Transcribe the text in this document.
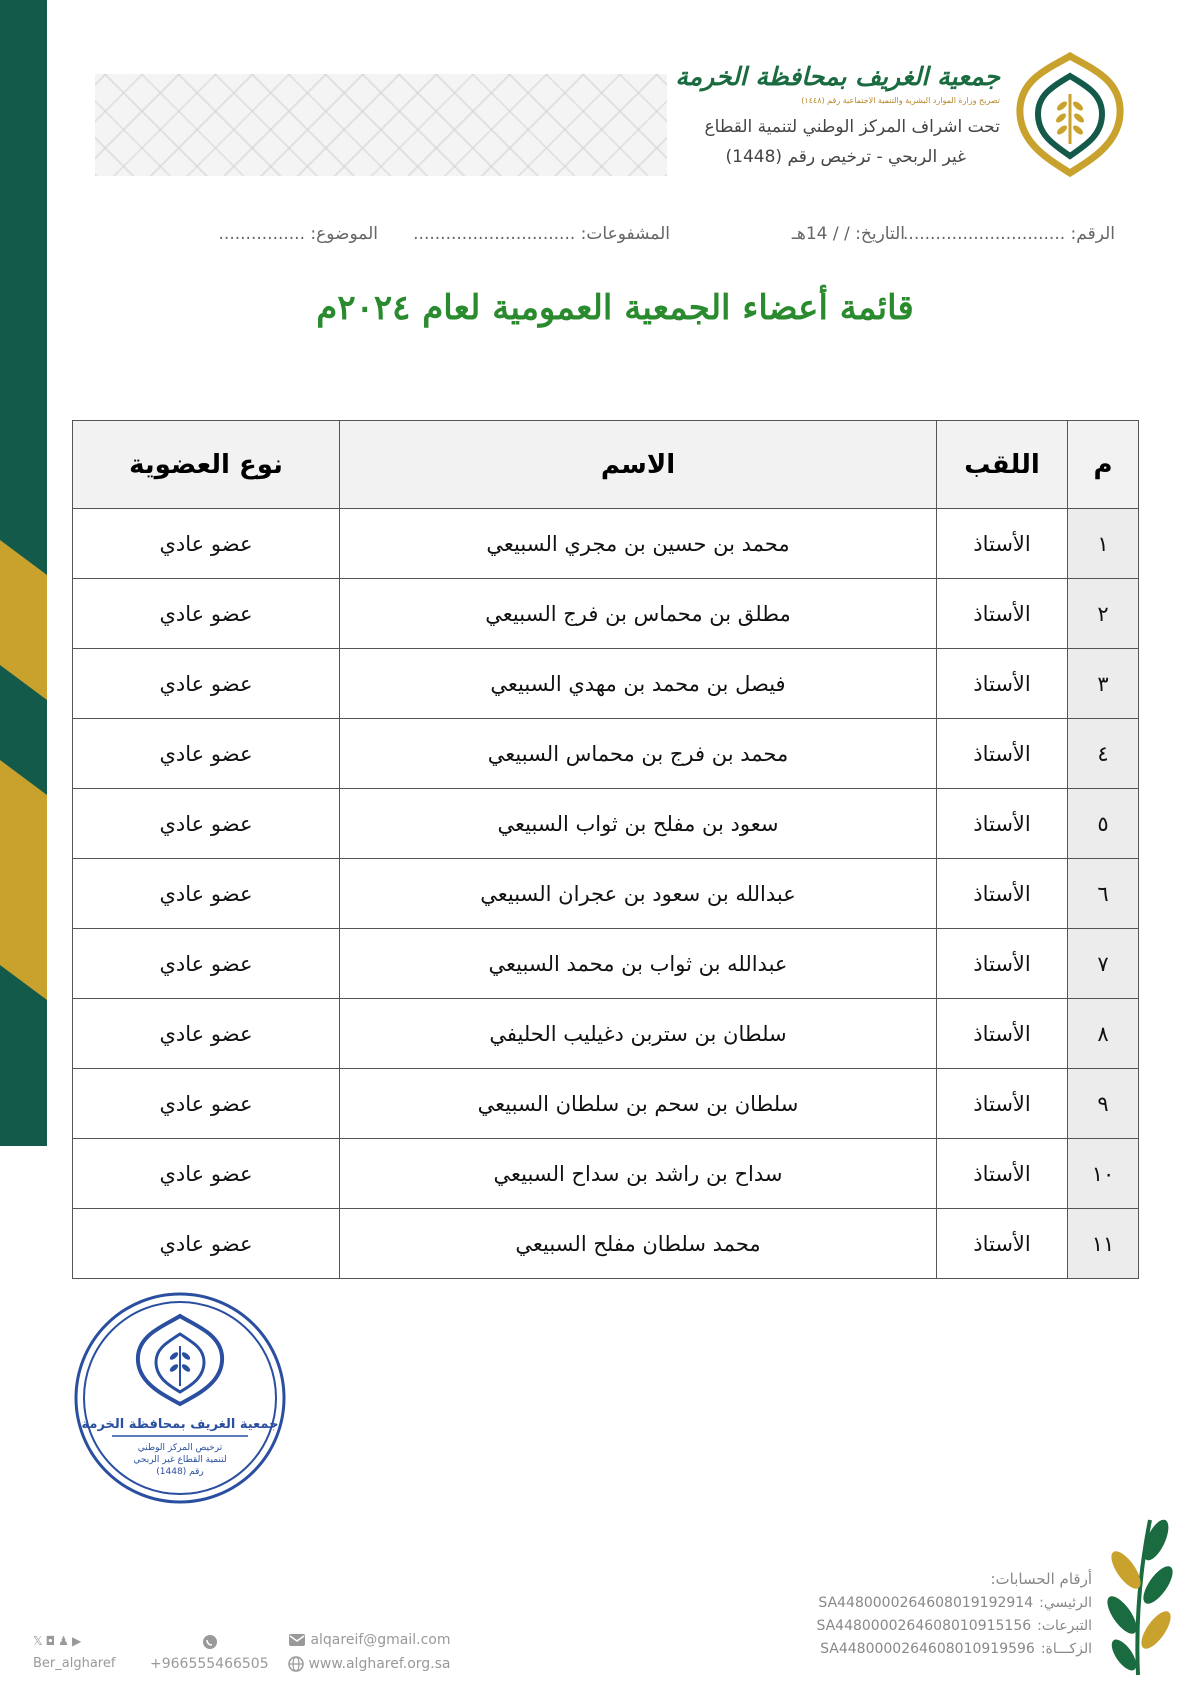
جمعية الغريف بمحافظة الخرمة
تصريح وزارة الموارد البشرية والتنمية الاجتماعية رقم (١٤٤٨)
تحت اشراف المركز الوطني لتنمية القطاع
غير الربحي - ترخيص رقم (1448)
الرقم: ..............................
التاريخ: / / 14هـ
المشفوعات: ..............................
الموضوع: ................
قائمة أعضاء الجمعية العمومية لعام ٢٠٢٤م
م	اللقب	الاسم	نوع العضوية
١	الأستاذ	محمد بن حسين بن مجري السبيعي	عضو عادي
٢	الأستاذ	مطلق بن محماس بن فرج السبيعي	عضو عادي
٣	الأستاذ	فيصل بن محمد بن مهدي السبيعي	عضو عادي
٤	الأستاذ	محمد بن فرج بن محماس السبيعي	عضو عادي
٥	الأستاذ	سعود بن مفلح بن ثواب السبيعي	عضو عادي
٦	الأستاذ	عبدالله بن سعود بن عجران السبيعي	عضو عادي
٧	الأستاذ	عبدالله بن ثواب بن محمد السبيعي	عضو عادي
٨	الأستاذ	سلطان بن ستربن دغيليب الحليفي	عضو عادي
٩	الأستاذ	سلطان بن سحم بن سلطان السبيعي	عضو عادي
١٠	الأستاذ	سداح بن راشد بن سداح السبيعي	عضو عادي
١١	الأستاذ	محمد سلطان مفلح السبيعي	عضو عادي
جمعية الغريف بمحافظة الخرمة
ترخيص المركز الوطني
لتنمية القطاع غير الربحي
رقم (1448)
أرقام الحسابات:
الرئيسي:
SA4480000264608019192914
التبرعات:
SA4480000264608010915156
الزكـــاة:
SA4480000264608010919596
alqareif@gmail.com
www.algharef.org.sa
+966555466505
𝕏◘♟▶
Ber_algharef
